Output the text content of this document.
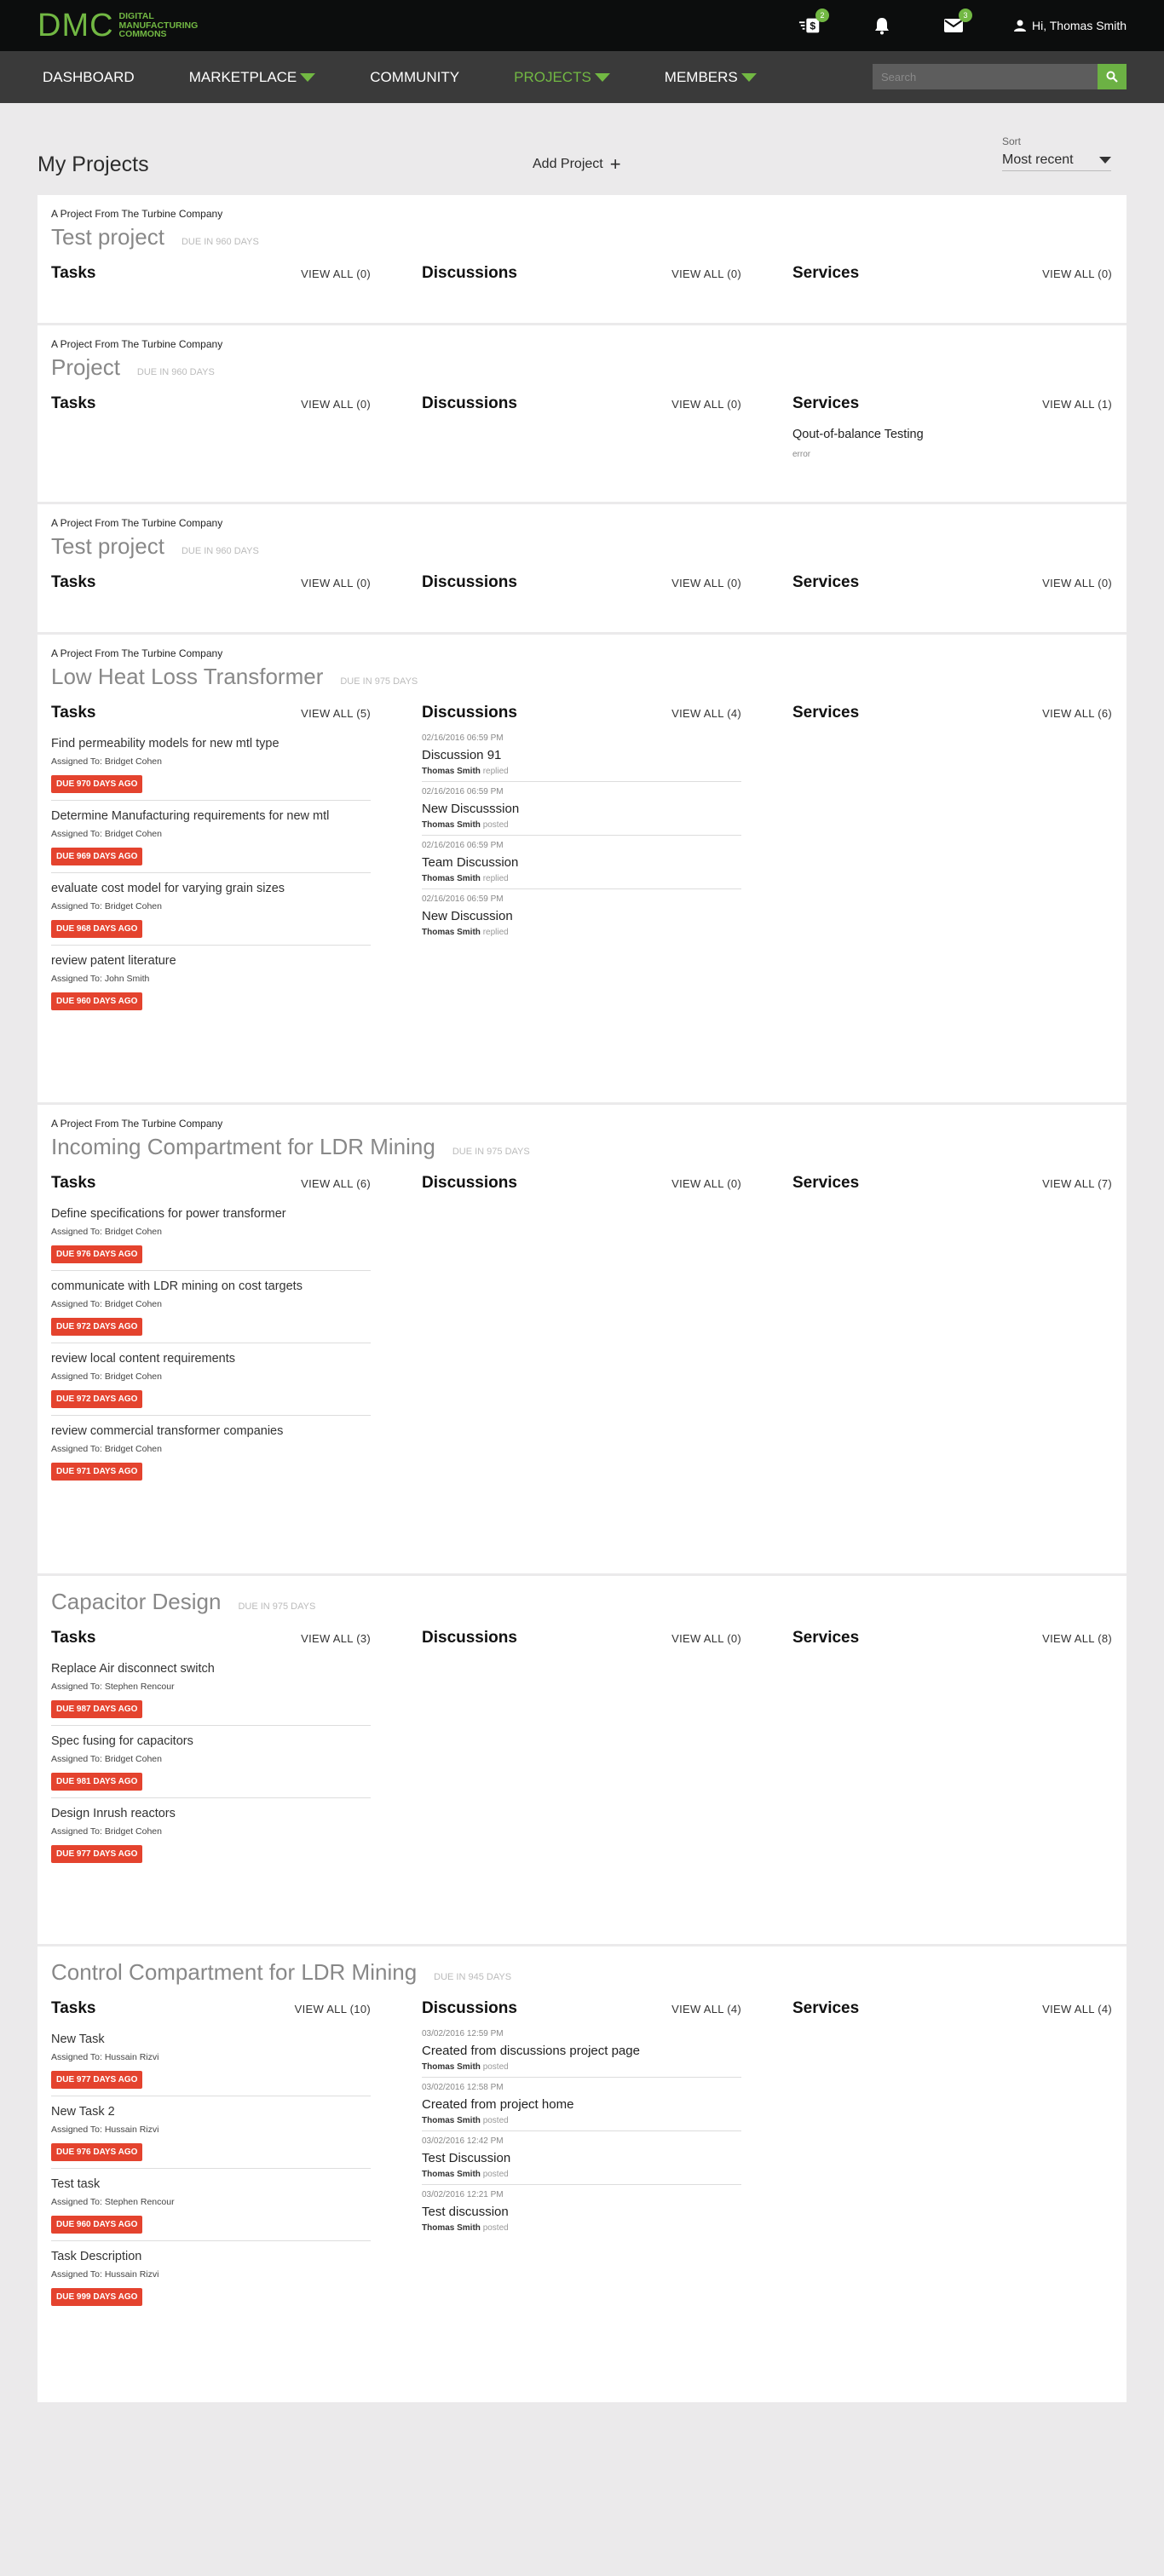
DMC DIGITAL
MANUFACTURING
COMMONS
$
2	3
Hi, Thomas Smith
DASHBOARD	MARKETPLACE	COMMUNITY	PROJECTS	MEMBERS
Search
My Projects	Add Project +
Sort
Most recent
A Project From The Turbine Company
Test project DUE IN 960 DAYS
Tasks	VIEW ALL (0)	Discussions	VIEW ALL (0)	Services	VIEW ALL (0)
A Project From The Turbine Company
Project DUE IN 960 DAYS
Tasks	VIEW ALL (0)	Discussions	VIEW ALL (0)	Services	VIEW ALL (1)
Qout-of-balance Testing
error
A Project From The Turbine Company
Test project DUE IN 960 DAYS
Tasks	VIEW ALL (0)	Discussions	VIEW ALL (0)	Services	VIEW ALL (0)
A Project From The Turbine Company
Low Heat Loss Transformer DUE IN 975 DAYS
Tasks	VIEW ALL (5)
Find permeability models for new mtl type
Assigned To: Bridget Cohen
DUE 970 DAYS AGO
Determine Manufacturing requirements for new mtl
Assigned To: Bridget Cohen
DUE 969 DAYS AGO
evaluate cost model for varying grain sizes
Assigned To: Bridget Cohen
DUE 968 DAYS AGO
review patent literature
Assigned To: John Smith
DUE 960 DAYS AGO
Discussions	VIEW ALL (4)
02/16/2016 06:59 PM
Discussion 91
Thomas Smith replied
02/16/2016 06:59 PM
New Discusssion
Thomas Smith posted
02/16/2016 06:59 PM
Team Discussion
Thomas Smith replied
02/16/2016 06:59 PM
New Discussion
Thomas Smith replied
Services	VIEW ALL (6)
A Project From The Turbine Company
Incoming Compartment for LDR Mining DUE IN 975 DAYS
Tasks	VIEW ALL (6)
Define specifications for power transformer
Assigned To: Bridget Cohen
DUE 976 DAYS AGO
communicate with LDR mining on cost targets
Assigned To: Bridget Cohen
DUE 972 DAYS AGO
review local content requirements
Assigned To: Bridget Cohen
DUE 972 DAYS AGO
review commercial transformer companies
Assigned To: Bridget Cohen
DUE 971 DAYS AGO
Discussions	VIEW ALL (0)	Services	VIEW ALL (7)
Capacitor Design DUE IN 975 DAYS
Tasks	VIEW ALL (3)
Replace Air disconnect switch
Assigned To: Stephen Rencour
DUE 987 DAYS AGO
Spec fusing for capacitors
Assigned To: Bridget Cohen
DUE 981 DAYS AGO
Design Inrush reactors
Assigned To: Bridget Cohen
DUE 977 DAYS AGO
Discussions	VIEW ALL (0)	Services	VIEW ALL (8)
Control Compartment for LDR Mining DUE IN 945 DAYS
Tasks	VIEW ALL (10)
New Task
Assigned To: Hussain Rizvi
DUE 977 DAYS AGO
New Task 2
Assigned To: Hussain Rizvi
DUE 976 DAYS AGO
Test task
Assigned To: Stephen Rencour
DUE 960 DAYS AGO
Task Description
Assigned To: Hussain Rizvi
DUE 999 DAYS AGO
Discussions	VIEW ALL (4)
03/02/2016 12:59 PM
Created from discussions project page
Thomas Smith posted
03/02/2016 12:58 PM
Created from project home
Thomas Smith posted
03/02/2016 12:42 PM
Test Discussion
Thomas Smith posted
03/02/2016 12:21 PM
Test discussion
Thomas Smith posted
Services	VIEW ALL (4)
